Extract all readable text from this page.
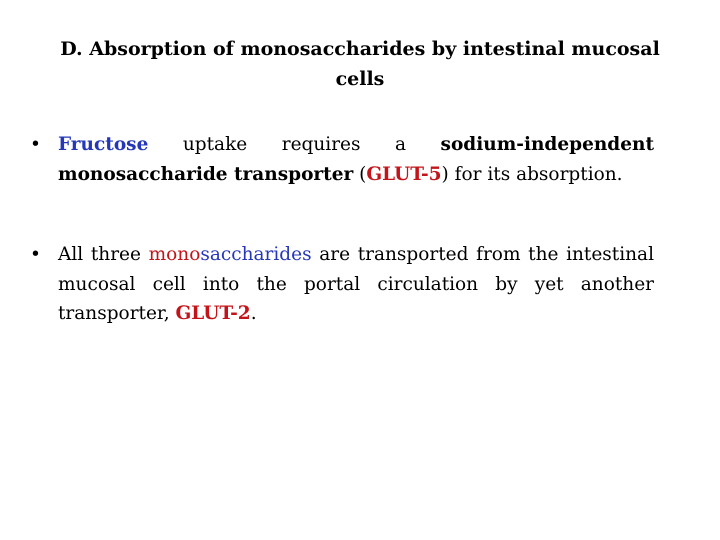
D. Absorption of monosaccharides by intestinal mucosal
cells
• Fructose uptake requires a sodium-independent monosaccharide transporter (GLUT-5) for its absorption.
• All three monosaccharides are transported from the intestinal mucosal cell into the portal circulation by yet another transporter, GLUT-2.
